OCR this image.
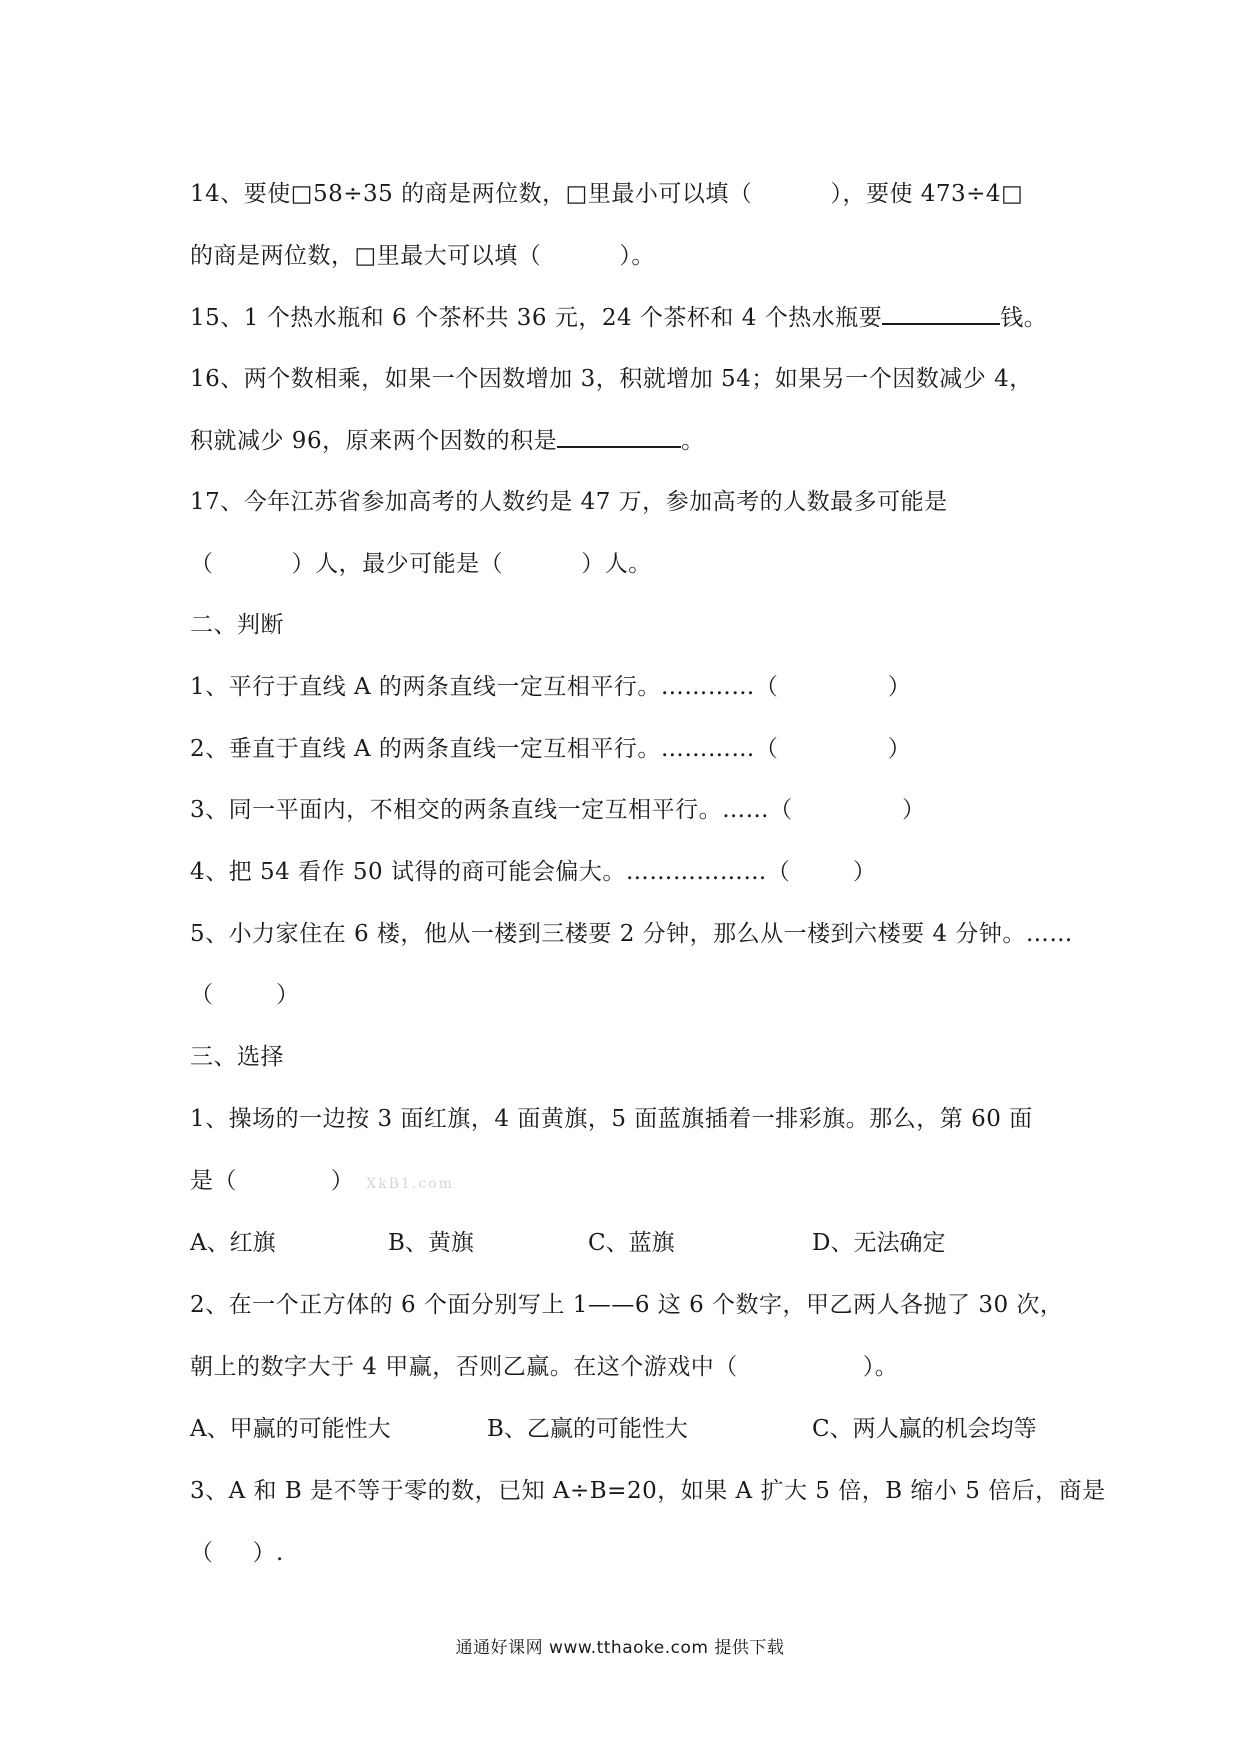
14、要使□58÷35 的商是两位数，□里最小可以填（          ），要使 473÷4□
的商是两位数，□里最大可以填（          ）。
15、1 个热水瓶和 6 个茶杯共 36 元，24 个茶杯和 4 个热水瓶要	钱。
16、两个数相乘，如果一个因数增加 3，积就增加 54；如果另一个因数减少 4，
积就减少 96，原来两个因数的积是	。
17、今年江苏省参加高考的人数约是 47 万，参加高考的人数最多可能是
（          ）人，最少可能是（          ）人。
二、判断
1、平行于直线 A 的两条直线一定互相平行。…………（              ）
2、垂直于直线 A 的两条直线一定互相平行。…………（              ）
3、同一平面内，不相交的两条直线一定互相平行。……（              ）
4、把 54 看作 50 试得的商可能会偏大。………………（        ）
5、小力家住在 6 楼，他从一楼到三楼要 2 分钟，那么从一楼到六楼要 4 分钟。……
（        ）
三、选择
1、操场的一边按 3 面红旗，4 面黄旗，5 面蓝旗插着一排彩旗。那么，第 60 面
是（            ） XkB1.com
A、红旗	B、黄旗	C、蓝旗	D、无法确定
2、在一个正方体的 6 个面分别写上 1——6 这 6 个数字，甲乙两人各抛了 30 次，
朝上的数字大于 4 甲赢，否则乙赢。在这个游戏中（                ）。
A、甲赢的可能性大	B、乙赢的可能性大	C、两人赢的机会均等
3、A 和 B 是不等于零的数，已知 A÷B=20，如果 A 扩大 5 倍，B 缩小 5 倍后，商是
（     ）.
通通好课网 www.tthaoke.com 提供下载
